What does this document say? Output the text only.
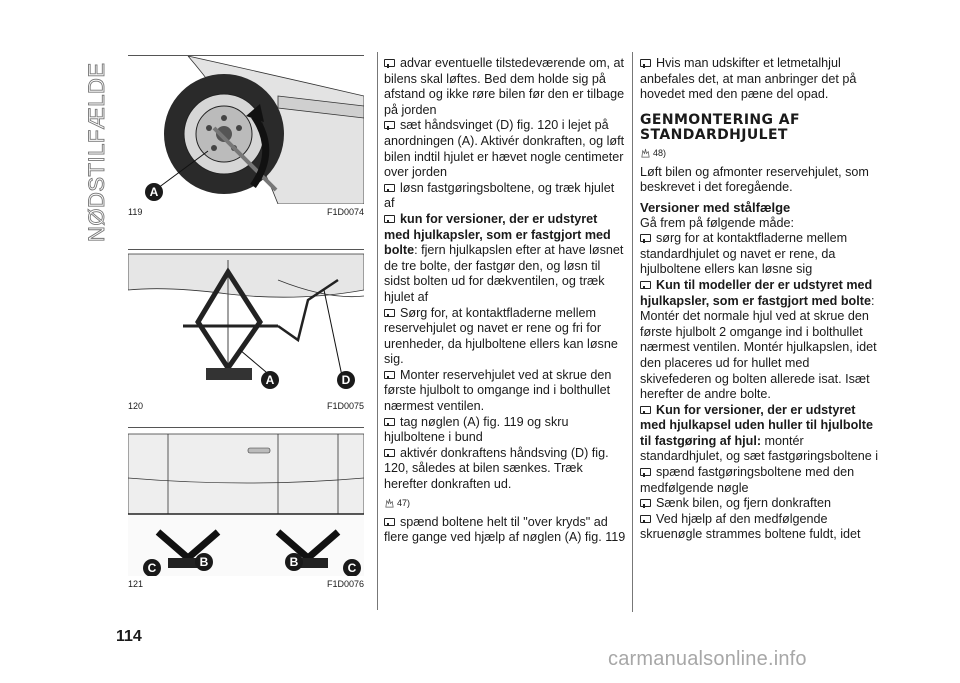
NØDSTILFÆLDE
114
carmanualsonline.info
A
119	F1D0074
A	D
120	F1D0075
C	B	B	C
121	F1D0076

advar eventuelle tilstedeværende om, at bilens skal løftes. Bed dem holde sig på afstand og ikke røre bilen før den er tilbage på jorden

sæt håndsvinget (D) fig. 120 i lejet på anordningen (A). Aktivér donkraften, og løft bilen indtil hjulet er hævet nogle centimeter over jorden

løsn fastgøringsboltene, og træk hjulet af

kun for versioner, der er udstyret med hjulkapsler, som er fastgjort med bolte: fjern hjulkapslen efter at have løsnet de tre bolte, der fastgør den, og løsn til sidst bolten ud for dækventilen, og træk hjulet af

Sørg for, at kontaktfladerne mellem reservehjulet og navet er rene og fri for urenheder, da hjulboltene ellers kan løsne sig.

Monter reservehjulet ved at skrue den første hjulbolt to omgange ind i bolthullet nærmest ventilen.

tag nøglen (A) fig. 119 og skru hjulboltene i bund

aktivér donkraftens håndsving (D) fig. 120, således at bilen sænkes. Træk herefter donkraften ud.

47)

spænd boltene helt til "over kryds" ad flere gange ved hjælp af nøglen (A) fig. 119

Hvis man udskifter et letmetalhjul anbefales det, at man anbringer det på hovedet med den pæne del opad.

GENMONTERING AF STANDARDHJULET
48)

Løft bilen og afmonter reservehjulet, som beskrevet i det foregående.

Versioner med stålfælge

Gå frem på følgende måde:

sørg for at kontaktfladerne mellem standardhjulet og navet er rene, da hjulboltene ellers kan løsne sig

Kun til modeller der er udstyret med hjulkapsler, som er fastgjort med bolte: Montér det normale hjul ved at skrue den første hjulbolt 2 omgange ind i bolthullet nærmest ventilen. Montér hjulkapslen, idet den placeres ud for hullet med skivefederen og bolten allerede isat. Isæt herefter de andre bolte.

Kun for versioner, der er udstyret med hjulkapsel uden huller til hjulbolte til fastgøring af hjul: montér standardhjulet, og sæt fastgøringsboltene i

spænd fastgøringsboltene med den medfølgende nøgle

Sænk bilen, og fjern donkraften

Ved hjælp af den medfølgende skruenøgle strammes boltene fuldt, idet
